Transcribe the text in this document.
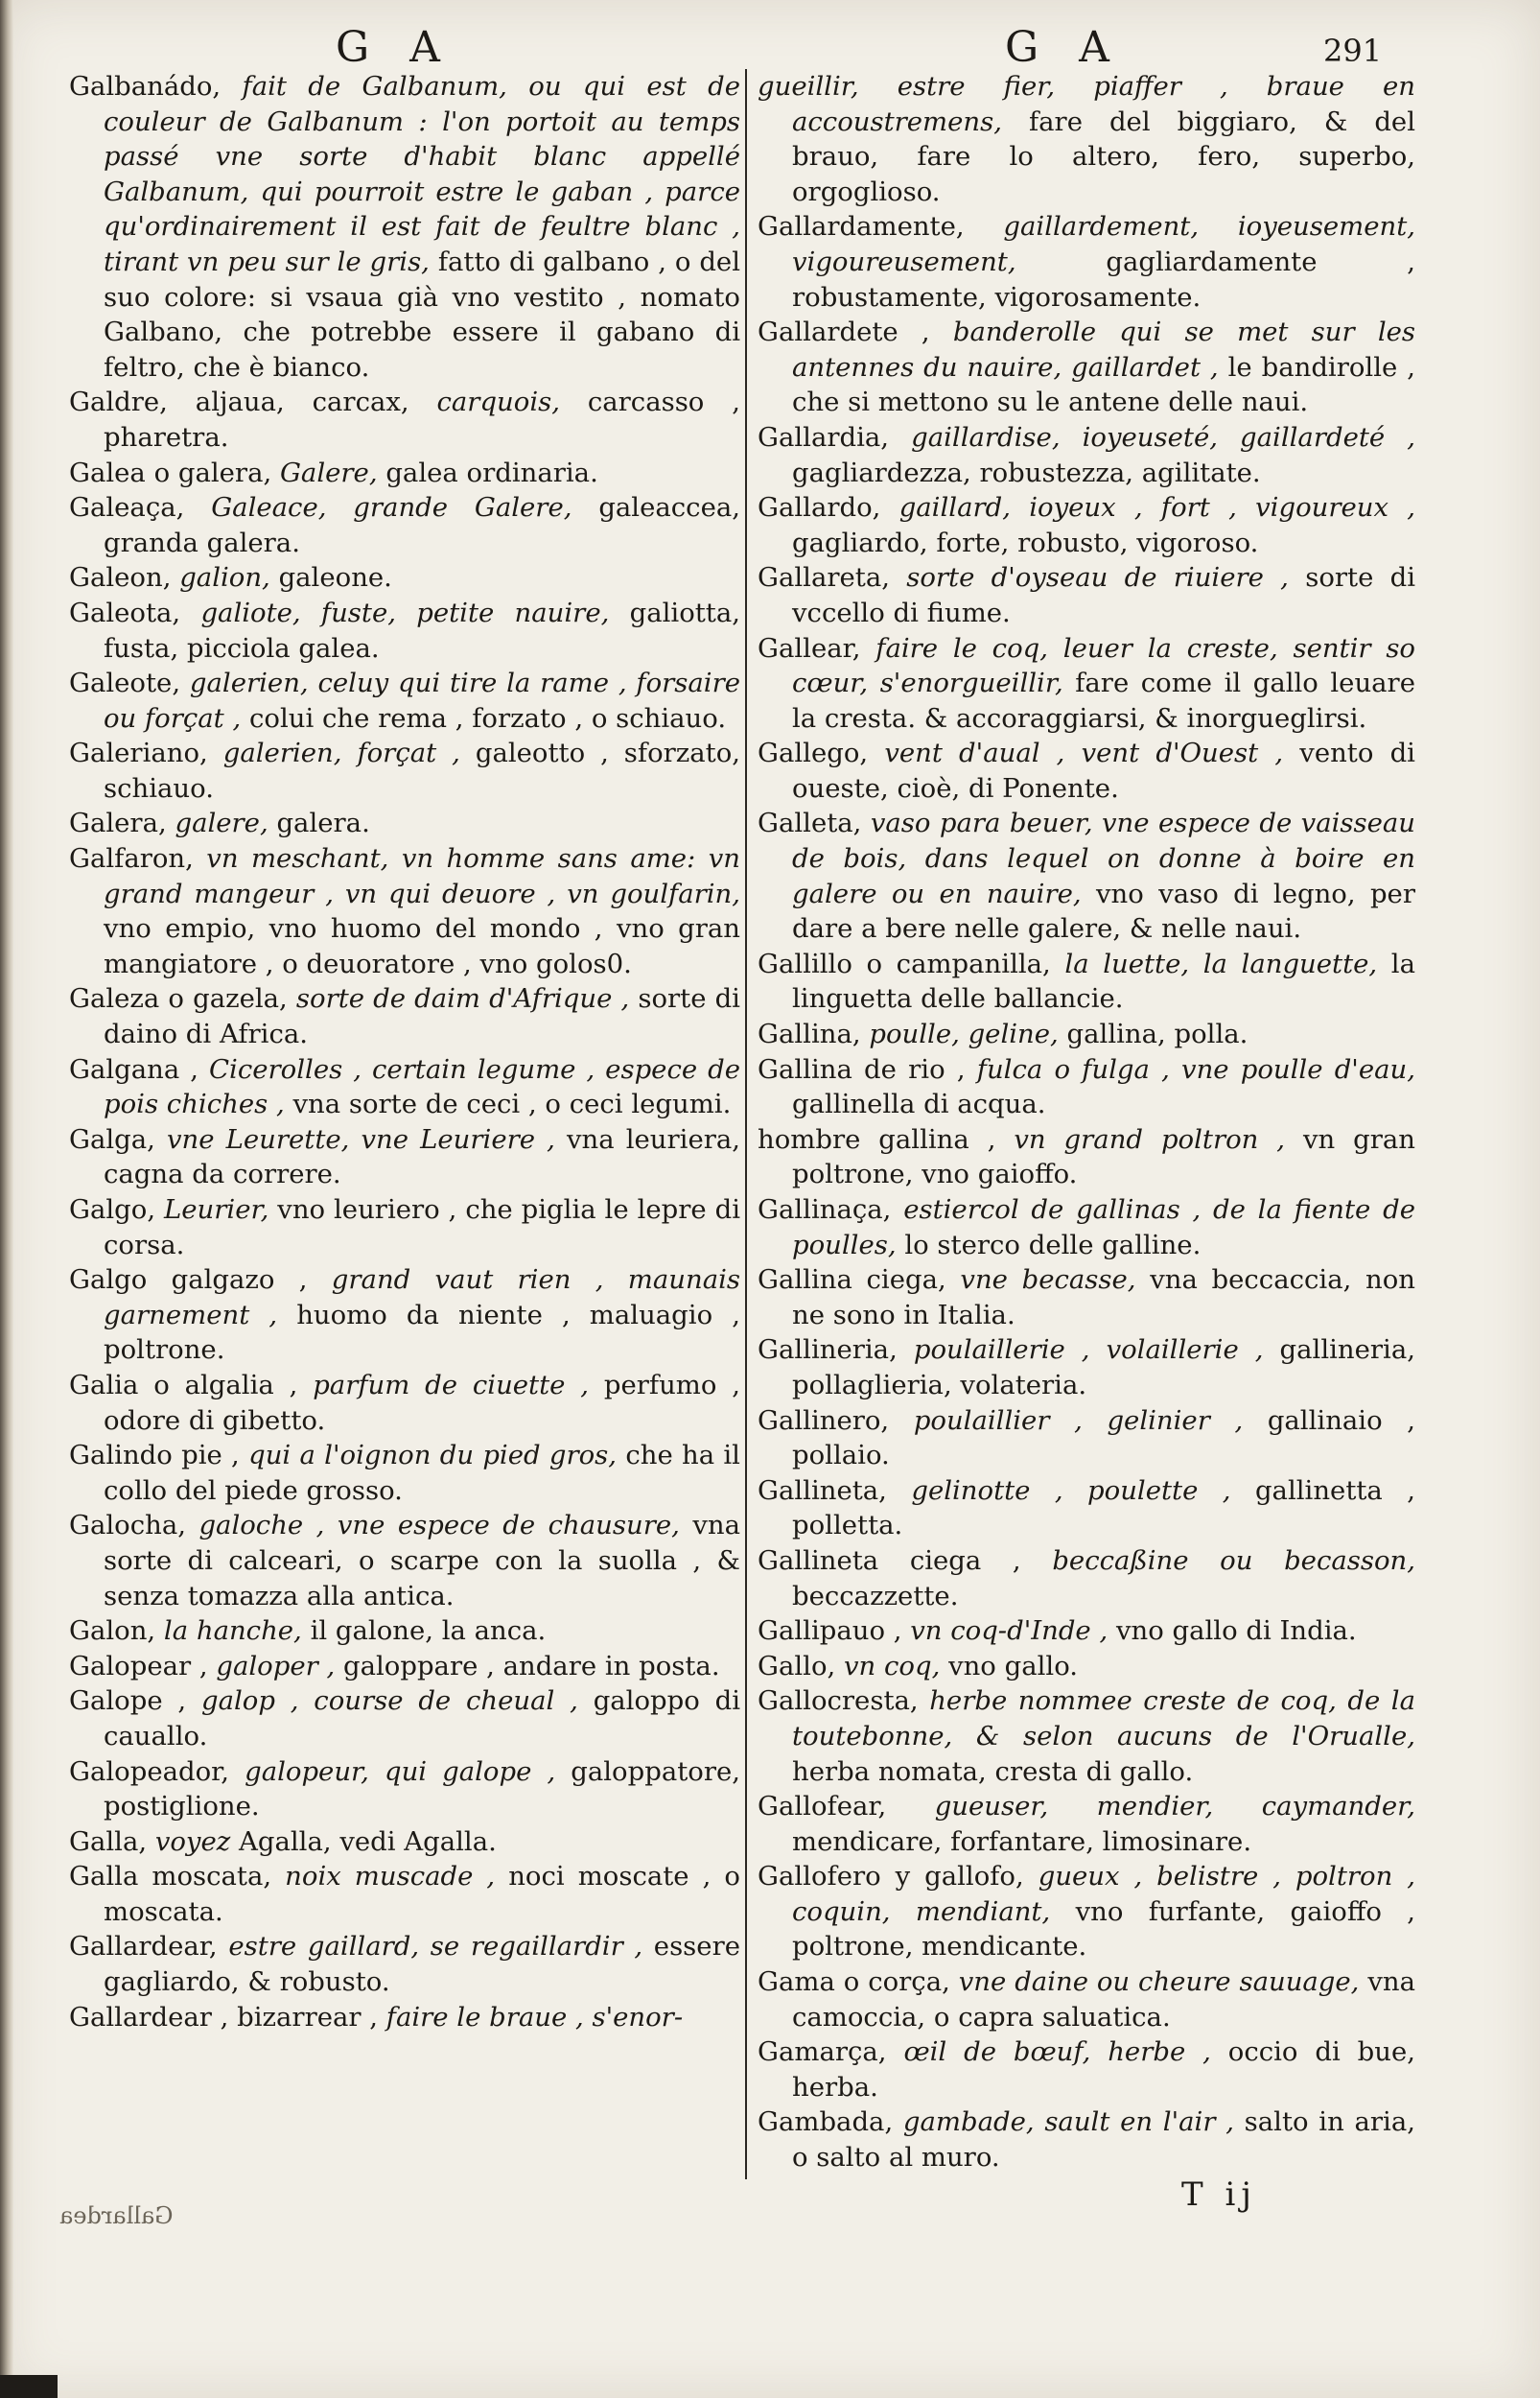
G A	G A	291

Galbanádo, fait de Galbanum, ou qui est de couleur de Galbanum : l'on portoit au temps passé vne sorte d'habit blanc appellé Galbanum, qui pourroit estre le gaban , parce qu'ordinairement il est fait de feultre blanc , tirant vn peu sur le gris, fatto di galbano , o del suo colore: si vsaua già vno vestito , nomato Galbano, che potrebbe essere il gabano di feltro, che è bianco.

Galdre, aljaua, carcax, carquois, carcasso , pharetra.

Galea o galera, Galere, galea ordinaria.

Galeaça, Galeace, grande Galere, galeaccea, granda galera.

Galeon, galion, galeone.

Galeota, galiote, fuste, petite nauire, galiotta, fusta, picciola galea.

Galeote, galerien, celuy qui tire la rame , forsaire ou forçat , colui che rema , forzato , o schiauo.

Galeriano, galerien, forçat , galeotto , sforzato, schiauo.

Galera, galere, galera.

Galfaron, vn meschant, vn homme sans ame: vn grand mangeur , vn qui deuore , vn goulfarin, vno empio, vno huomo del mondo , vno gran mangiatore , o deuoratore , vno golos0.

Galeza o gazela, sorte de daim d'Afrique , sorte di daino di Africa.

Galgana , Cicerolles , certain legume , espece de pois chiches , vna sorte de ceci , o ceci legumi.

Galga, vne Leurette, vne Leuriere , vna leuriera, cagna da correre.

Galgo, Leurier, vno leuriero , che piglia le lepre di corsa.

Galgo galgazo , grand vaut rien , maunais garnement , huomo da niente , maluagio , poltrone.

Galia o algalia , parfum de ciuette , perfumo , odore di gibetto.

Galindo pie , qui a l'oignon du pied gros, che ha il collo del piede grosso.

Galocha, galoche , vne espece de chausure, vna sorte di calceari, o scarpe con la suolla , & senza tomazza alla antica.

Galon, la hanche, il galone, la anca.

Galopear , galoper , galoppare , andare in posta.

Galope , galop , course de cheual , galoppo di cauallo.

Galopeador, galopeur, qui galope , galoppatore, postiglione.

Galla, voyez Agalla, vedi Agalla.

Galla moscata, noix muscade , noci moscate , o moscata.

Gallardear, estre gaillard, se regaillardir , essere gagliardo, & robusto.

Gallardear , bizarrear , faire le braue , s'enor-

gueillir, estre fier, piaffer , braue en accoustremens, fare del biggiaro, & del brauo, fare lo altero, fero, superbo, orgoglioso.

Gallardamente, gaillardement, ioyeusement, vigoureusement,	gagliardamente , robustamente, vigorosamente.

Gallardete , banderolle qui se met sur les antennes du nauire, gaillardet , le bandirolle , che si mettono su le antene delle naui.

Gallardia, gaillardise, ioyeuseté, gaillardeté , gagliardezza, robustezza, agilitate.

Gallardo, gaillard, ioyeux , fort , vigoureux , gagliardo, forte, robusto, vigoroso.

Gallareta, sorte d'oyseau de riuiere , sorte di vccello di fiume.

Gallear, faire le coq, leuer la creste, sentir so cœur, s'enorgueillir, fare come il gallo leuare la cresta. & accoraggiarsi, & inorgueglirsi.

Gallego, vent d'aual , vent d'Ouest , vento di oueste, cioè, di Ponente.

Galleta, vaso para beuer, vne espece de vaisseau de bois, dans lequel on donne à boire en galere ou en nauire, vno vaso di legno, per dare a bere nelle galere, & nelle naui.

Gallillo o campanilla, la luette, la languette, la linguetta delle ballancie.

Gallina, poulle, geline, gallina, polla.

Gallina de rio , fulca o fulga , vne poulle d'eau, gallinella di acqua.

hombre gallina , vn grand poltron , vn gran poltrone, vno gaioffo.

Gallinaça, estiercol de gallinas , de la fiente de poulles, lo sterco delle galline.

Gallina ciega, vne becasse, vna beccaccia, non ne sono in Italia.

Gallineria, poulaillerie , volaillerie , gallineria, pollaglieria, volateria.

Gallinero, poulaillier , gelinier , gallinaio , pollaio.

Gallineta, gelinotte , poulette , gallinetta , polletta.

Gallineta ciega , beccaßine ou becasson, beccazzette.

Gallipauo , vn coq-d'Inde , vno gallo di India.

Gallo, vn coq, vno gallo.

Gallocresta, herbe nommee creste de coq, de la toutebonne, & selon aucuns de l'Orualle, herba nomata, cresta di gallo.

Gallofear, gueuser, mendier, caymander, mendicare, forfantare, limosinare.

Gallofero y gallofo, gueux , belistre , poltron , coquin, mendiant, vno furfante, gaioffo , poltrone, mendicante.

Gama o corça, vne daine ou cheure sauuage, vna camoccia, o capra saluatica.

Gamarça, œil de bœuf, herbe , occio di bue, herba.

Gambada, gambade, sault en l'air , salto in aria, o salto al muro.

T ij
Gallardea
